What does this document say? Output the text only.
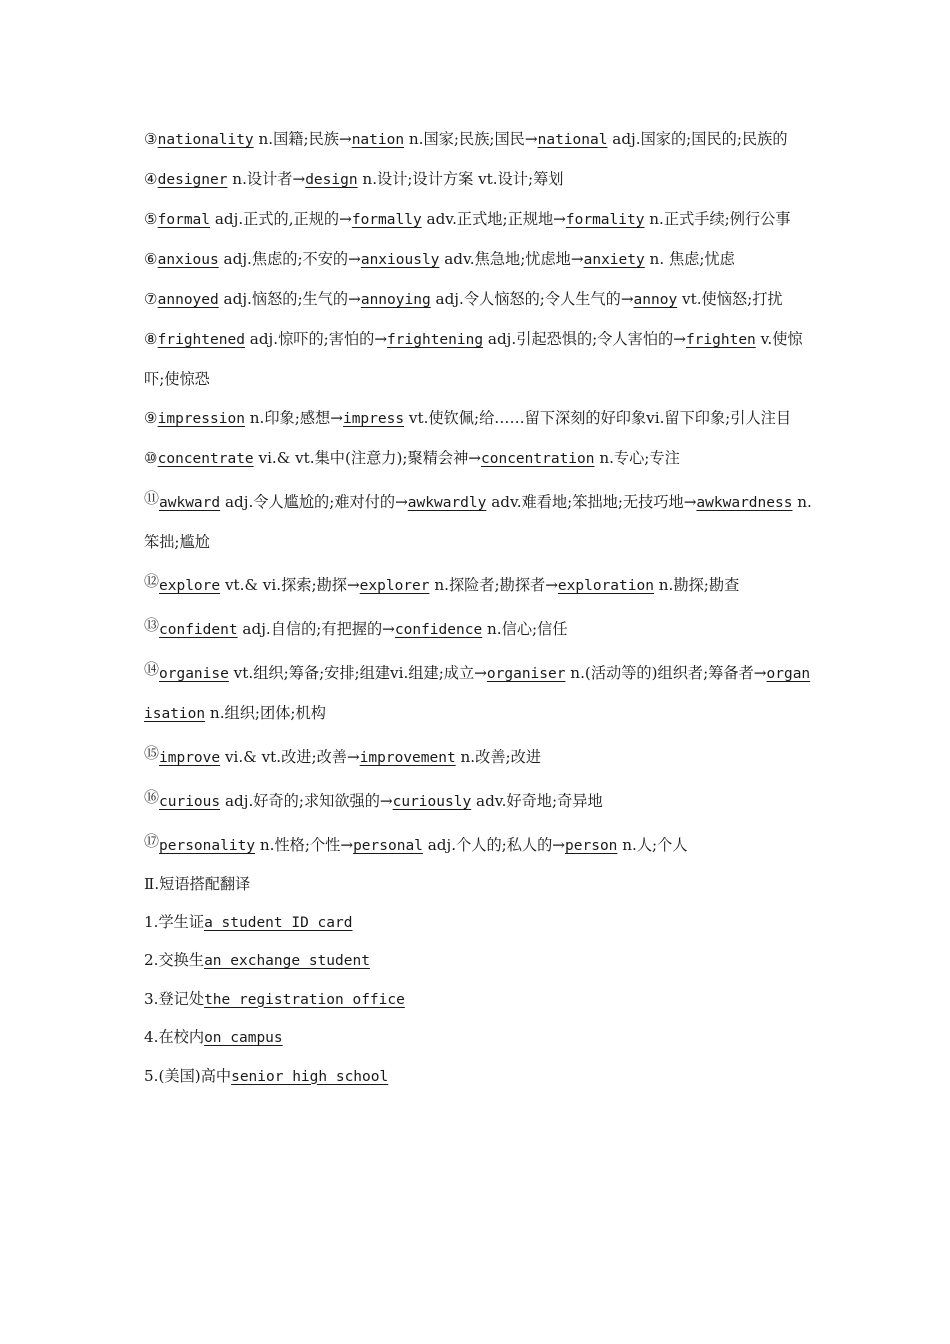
③nationality n.国籍;民族→nation n.国家;民族;国民→national adj.国家的;国民的;民族的
④designer n.设计者→design n.设计;设计方案 vt.设计;筹划
⑤formal adj.正式的,正规的→formally adv.正式地;正规地→formality n.正式手续;例行公事
⑥anxious adj.焦虑的;不安的→anxiously adv.焦急地;忧虑地→anxiety n. 焦虑;忧虑
⑦annoyed adj.恼怒的;生气的→annoying adj.令人恼怒的;令人生气的→annoy vt.使恼怒;打扰
⑧frightened adj.惊吓的;害怕的→frightening adj.引起恐惧的;令人害怕的→frighten v.使惊吓;使惊恐
⑨impression n.印象;感想→impress vt.使钦佩;给……留下深刻的好印象vi.留下印象;引人注目
⑩concentrate vi.& vt.集中(注意力);聚精会神→concentration n.专心;专注
⑪awkward adj.令人尴尬的;难对付的→awkwardly adv.难看地;笨拙地;无技巧地→awkwardness n.笨拙;尴尬
⑫explore vt.& vi.探索;勘探→explorer n.探险者;勘探者→exploration n.勘探;勘查
⑬confident adj.自信的;有把握的→confidence n.信心;信任
⑭organise vt.组织;筹备;安排;组建vi.组建;成立→organiser n.(活动等的)组织者;筹备者→organisation n.组织;团体;机构
⑮improve vi.& vt.改进;改善→improvement n.改善;改进
⑯curious adj.好奇的;求知欲强的→curiously adv.好奇地;奇异地
⑰personality n.性格;个性→personal adj.个人的;私人的→person n.人;个人
Ⅱ.短语搭配翻译
1.学生证a student ID card
2.交换生an exchange student
3.登记处the registration office
4.在校内on campus
5.(美国)高中senior high school
